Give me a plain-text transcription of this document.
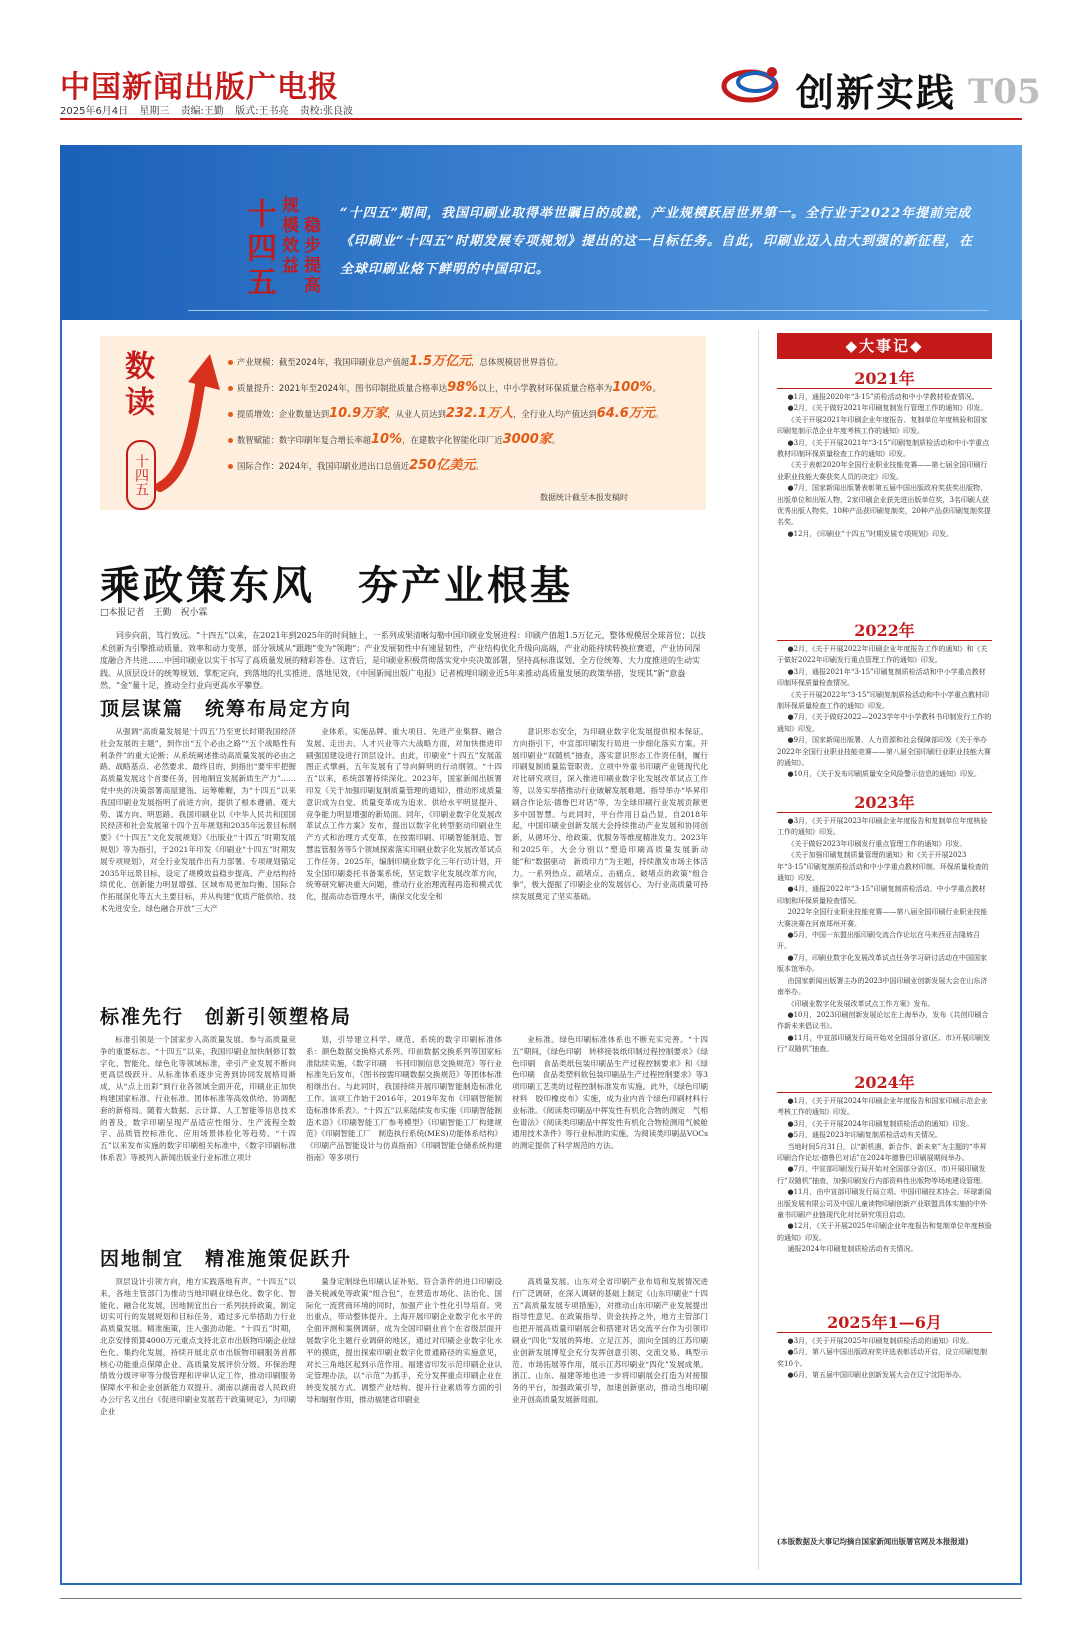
中国新闻出版广电报
2025年6月4日 星期三 责编:王勤 版式:王书亮 责校:张良波	创新实践 T05
十四五 规模效益 稳步提高
“十四五”期间，我国印刷业取得举世瞩目的成就，产业规模跃居世界第一。全行业于2022年提前完成《印刷业“十四五”时期发展专项规划》提出的这一目标任务。自此，印刷业迈入由大到强的新征程，在全球印刷业烙下鲜明的中国印记。
数读
十四五
产业规模：截至2024年，我国印刷业总产值超1.5万亿元，总体规模居世界首位。
质量提升：2021年至2024年，图书印制批质量合格率达98%以上，中小学教材环保质量合格率为100%。
提质增效：企业数量达到10.9万家，从业人员达到232.1万人，全行业人均产值达到64.6万元。
数智赋能：数字印刷年复合增长率超10%，在建数字化智能化印厂近3000家。
国际合作：2024年，我国印刷业进出口总值近250亿美元。
数据统计截至本报发稿时
乘政策东风　夯产业根基
□本报记者　王勤　祝小霖
同步向前，笃行致远。“十四五”以来，在2021年到2025年的时间轴上，一系列成果清晰勾勒中国印刷业发展进程：印刷产值超1.5万亿元，整体规模居全球首位；以技术创新为引擎推动质量、效率和动力变革，部分领域从“跟跑”变为“领跑”；产业发展韧性中有速显韧性，产业结构优化升级向高端，产业动能持续转换拉赛道，产业协同深度融合齐共进……中国印刷业以实干书写了高质量发展的精彩答卷。这背后，是印刷业积极贯彻落实党中央决策部署，坚持高标准谋划、全方位统筹、大力度推进的生动实践。从顶层设计的统筹规划、掌舵定向，到落地的扎实推进、落地见效，《中国新闻出版广电报》记者梳理印刷业近5年来推动高质量发展的政策举措，发现其“新”意盎然、“金”量十足，推动全行业向更高水平攀登。
顶层谋篇　统筹布局定方向

从强调“高质量发展是‘十四五’乃至更长时期我国经济社会发展的主题”，到作出“五个必由之路”“五个战略性有利条件”的重大论断；从系统阐述推动高质量发展的必由之路、战略基点、必然要求、最终目的，到指出“要牢牢把握高质量发展这个首要任务，因地制宜发展新质生产力”……党中央的决策部署高屋建瓴、运筹帷幄，为“十四五”以来我国印刷业发展指明了前进方向，提供了根本遵循。观大势、谋方向、明思路。我国印刷业以《中华人民共和国国民经济和社会发展第十四个五年规划和2035年远景目标纲要》《“十四五”文化发展规划》《出版业“十四五”时期发展规划》等为指引，于2021年印发《印刷业“十四五”时期发展专项规划》，对全行业发展作出有力部署。专项规划锚定2035年远景目标，设定了规模效益稳步提高、产业结构持续优化、创新能力明显增强、区域布局更加均衡、国际合作拓展深化等五大主要目标，并从构建“优质产能供给、技术先进安全、绿色融合开放”三大产

业体系，实施品牌、重大项目、先进产业集群、融合发展、走出去、人才兴业等六大战略方面，对加快推进印刷强国建设进行顶层设计。由此，印刷业“十四五”发展蓝图正式擘画，五年发展有了导向鲜明的行动纲领。“十四五”以来，系统部署持续深化。2023年，国家新闻出版署印发《关于加强印刷复制质量管理的通知》，推动形成质量意识成为自觉、质量变革成为追求、供给水平明显提升、竞争能力明显增强的新局面。同年，《印刷业数字化发展改革试点工作方案》发布，提出以数字化转型驱动印刷业生产方式和治理方式变革，在按需印刷、印刷智能制造、智慧监管服务等5个领域探索落实印刷业数字化发展改革试点工作任务。2025年，编制印刷业数字化三年行动计划，开发全国印刷委托书备案系统，坚定数字化发展改革方向，统筹研究解决重大问题，推动行业治理流程再造和模式优化，提高动态管理水平，确保文化安全和

意识形态安全，为印刷业数字化发展提供根本保证。方向指引下，中宣部印刷发行局进一步细化落实方案。开展印刷业“双随机”抽查，落实意识形态工作责任制，履行印刷复制质量监管职责。立项中外童书印刷产业链现代化对比研究项目，深入推进印刷业数字化发展改革试点工作等，以务实举措推动行业破解发展难题。指导举办“毕昇印刷合作论坛·德鲁巴对话”等，为全球印刷行业发展贡献更多中国智慧。与此同时，平台作用日益凸显。自2018年起，中国印刷业创新发展大会持续推动产业发展和协同创新，从循环分、给政策、优服务等维度精准发力。2023年和2025年，大会分别以“塑造印刷高质量发展新动能”和“数据驱动　新质印力”为主题，持续激发市场主体活力。一系列热点、疏堵点、击痛点、破堵点的政策“组合拳”，极大提振了印刷企业的发展信心，为行业高质量可持续发展奠定了坚实基础。

标准先行　创新引领塑格局

标准引领是一个国家步入高质量发展、参与高质量竞争的重要标志。“十四五”以来，我国印刷业加快制修订数字化、智能化、绿色化等领域标准，牵引产业发展不断向更高层级跃升。从标准体系逐步完善到协同发展格局渐成，从“点上出彩”到行业各领域全面开花，印刷业正加快构建国家标准、行业标准、团体标准等高效供给、协调配套的新格局。随着大数据、云计算、人工智能等信息技术的普及，数字印刷呈现产品适应性细分、生产流程全数字、品质管控标准化、应用场景体验化等趋势。“十四五”以来发布实施的数字印刷相关标准中，《数字印刷标准体系表》等被列入新闻出版业行业标准立项计

划，引导建立科学、规范、系统的数字印刷标准体系：颜色数据交换格式系列、印前数据交换系列等国家标准陆续实施，《数字印刷　书刊印制信息交换规范》等行业标准先后发布，《图书按需印刷数据交换规范》等团体标准相继出台。与此同时，我国持续开展印刷智能制造标准化工作。该项工作始于2016年，2019年发布《印刷智能制造标准体系表》。“十四五”以来陆续发布实施《印刷智能制造术语》《印刷智能工厂参考模型》《印刷智能工厂构建规范》《印刷智能工厂　制造执行系统(MES)功能体系结构》《印刷产品智能设计与仿真指南》《印刷智能仓储系统构建指南》等多项行

业标准。绿色印刷标准体系也不断充实完善。“十四五”期间，《绿色印刷　转移接装纸印制过程控制要求》《绿色印刷　食品类纸包装印刷品生产过程控制要求》和《绿色印刷　食品类塑料软包装印刷品生产过程控制要求》等3项印刷工艺类的过程控制标准发布实施。此外，《绿色印刷材料　胶印橡皮布》实施，成为业内首个绿色印刷材料行业标准。《阅读类印刷品中挥发性有机化合物的测定　气相色谱法》《阅读类印刷品中挥发性有机化合物检测用气候舱通用技术条件》等行业标准的实施，为阅读类印刷品VOCs的测定提供了科学规范的方法。

因地制宜　精准施策促跃升

顶层设计引领方向，地方实践落地有声。“十四五”以来，各地主管部门为推动当地印刷业绿色化、数字化、智能化、融合化发展，因地制宜出台一系列扶持政策，制定切实可行的发展规划和目标任务，通过多元举措助力行业高质量发展。精准施策，注入强劲动能。“十四五”时期，北京安排预算4000万元重点支持北京市出版物印刷企业绿色化、集约化发展，持续开展北京市出版物印刷服务首都核心功能重点保障企业、高质量发展评价分级、环保治理绩效分级评审等分级管理和评审认定工作，推动印刷服务保障水平和企业创新能力双提升。湖南以湖南省人民政府办公厅名义出台《促进印刷业发展若干政策规定》，为印刷企业

量身定制绿色印刷认证补贴、符合条件的进口印刷设备关税减免等政策“组合包”，在营造市场化、法治化、国际化一流营商环境的同时，加强产业个性化引导培育。突出重点，带动整体提升。上海开展印刷企业数字化水平的全面评测和案例调研，成为全国印刷业首个在省级层面开展数字化主题行业调研的地区，通过对印刷企业数字化水平的摸底，提出探索印刷业数字化贯通路径的实施意见，对长三角地区起到示范作用。福建省印发示范印刷企业认定管理办法，以“示范”为抓手，充分发挥重点印刷企业在转变发展方式、调整产业结构、提升行业素质等方面的引导和辐射作用，推动福建省印刷业

高质量发展。山东对全省印刷产业布局和发展情况进行广泛调研，在深入调研的基础上制定《山东印刷业“十四五”高质量发展专项措施》，对推动山东印刷产业发展提出指导性意见。在政策指导、资金扶持之外，地方主管部门也把开展高质量印刷展会和搭建对话交流平台作为引领印刷业“四化”发展的阵地。立足江苏，面向全国的江苏印刷业创新发展博览会充分发挥创意引领、交流交易、典型示范、市场拓展等作用，展示江苏印刷业“四化”发展成果。浙江、山东、福建等地也进一步将印刷展会打造为对接服务的平台，加强政策引导，加速创新驱动，推动当地印刷业开创高质量发展新局面。

◆大事记◆
2021年

●1月，通报2020年“3·15”质检活动和中小学教材检查情况。

●2月，《关于做好2021年印刷复制发行管理工作的通知》印发。

《关于开展2021年印刷企业年度报告、复制单位年度核验和国家印刷复制示范企业年度考核工作的通知》印发。

●3月，《关于开展2021年“3·15”印刷复制质检活动和中小学重点教材印制环保质量检查工作的通知》印发。

《关于表彰2020年全国行业职业技能竞赛——第七届全国印刷行业职业技能大赛获奖人员的决定》印发。

●7月，国家新闻出版署表彰第五届中国出版政府奖获奖出版物、出版单位和出版人物，2家印刷企业获先进出版单位奖，3名印刷人获优秀出版人物奖，10种产品获印刷复制奖，20种产品获印刷复制奖提名奖。

●12月，《印刷业“十四五”时期发展专项规划》印发。

2022年

●2月，《关于开展2022年印刷企业年度报告工作的通知》和《关于做好2022年印刷发行重点管理工作的通知》印发。

●3月，通报2021年“3·15”印刷复制质检活动和中小学重点教材印制环保质量检查情况。

《关于开展2022年“3·15”印刷复制质检活动和中小学重点教材印制环保质量检查工作的通知》印发。

●7月，《关于做好2022—2023学年中小学教科书印制发行工作的通知》印发。

●9月，国家新闻出版署、人力资源和社会保障部印发《关于举办2022年全国行业职业技能竞赛——第八届全国印刷行业职业技能大赛的通知》。

●10月，《关于发布印刷质量安全风险警示信息的通知》印发。

2023年

●3月，《关于开展2023年印刷企业年度报告和复制单位年度核验工作的通知》印发。

《关于做好2023年印刷发行重点管理工作的通知》印发。

《关于加强印刷复制质量管理的通知》和《关于开展2023年“3·15”印刷复制质检活动和中小学重点教材印制、环保质量检查的通知》印发。

●4月，通报2022年“3·15”印刷复制质检活动、中小学重点教材印制和环保质量检查情况。

2022年全国行业职业技能竞赛——第八届全国印刷行业职业技能大赛决赛在河南郑州开赛。

●5月，中国一东盟出版印刷交流合作论坛在马来西亚吉隆坡召开。

●7月，印刷业数字化发展改革试点任务学习研讨活动在中国国家版本馆举办。

由国家新闻出版署主办的2023中国印刷业创新发展大会在山东济南举办。

《印刷业数字化发展改革试点工作方案》发布。

●10月，2023印刷创新发展论坛在上海举办，发布《共创印刷合作新未来倡议书》。

●11月，中宣部印刷发行局开始对全国部分省(区、市)开展印刷发行“双随机”抽查。

2024年

●1月，《关于开展2024年印刷企业年度报告和国家印刷示范企业考核工作的通知》印发。

●3月，《关于开展2024年印刷复制质检活动的通知》印发。

●5月，通报2023年印刷复制质检活动有关情况。

当地时间5月31日，以“新机遇、新合作、新未来”为主题的“毕昇印刷合作论坛·德鲁巴对话”在2024年德鲁巴印刷展期间举办。

●7月，中宣部印刷发行局开始对全国部分省(区、市)开展印刷发行“双随机”抽查，加强印刷发行内部资料性出版物等场地建设管理。

●11月，由中宣部印刷发行局立项、中国印刷技术协会、环球新闻出版发展有限公司及中国儿童读物印刷创新产业联盟具体实施的中外童书印刷产业链现代化对比研究项目启动。

●12月，《关于开展2025年印刷企业年度报告和复制单位年度核验的通知》印发。

通报2024年印刷复制质检活动有关情况。

2025年1—6月

●3月，《关于开展2025年印刷复制质检活动的通知》印发。

●5月，第八届中国出版政府奖评选表彰活动开启，设立印刷复制奖10个。

●6月，第五届中国印刷业创新发展大会在辽宁沈阳举办。

(本版数据及大事记均摘自国家新闻出版署官网及本报报道)
